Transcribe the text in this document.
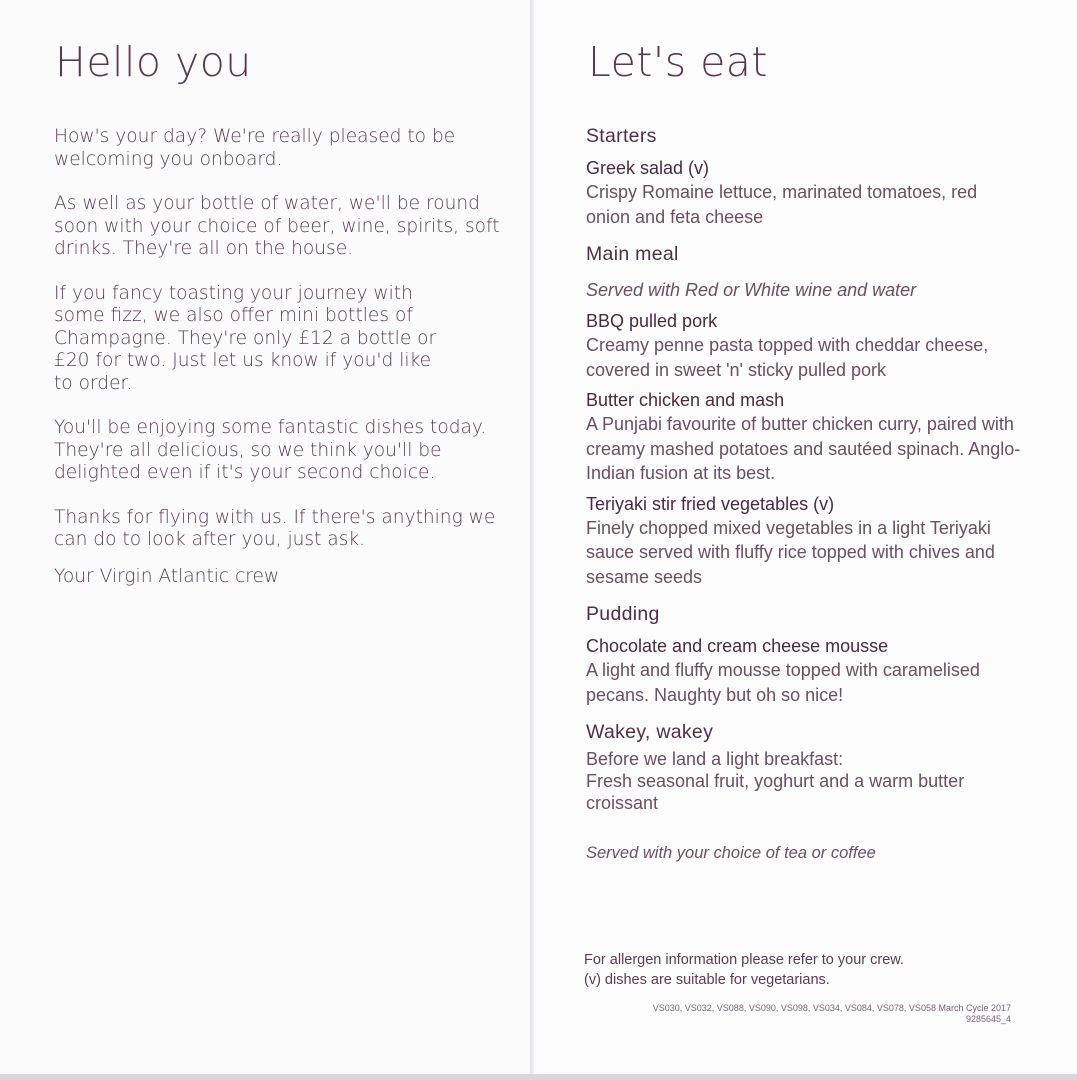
Hello you

How's your day? We're really pleased to be welcoming you onboard.

As well as your bottle of water, we'll be round soon with your choice of beer, wine, spirits, soft drinks. They're all on the house.

If you fancy toasting your journey with some fizz, we also offer mini bottles of Champagne. They're only £12 a bottle or £20 for two. Just let us know if you'd like to order.

You'll be enjoying some fantastic dishes today. They're all delicious, so we think you'll be delighted even if it's your second choice.

Thanks for flying with us. If there's anything we can do to look after you, just ask.

Your Virgin Atlantic crew

Let's eat
Starters
Greek salad (v)
Crispy Romaine lettuce, marinated tomatoes, red onion and feta cheese
Main meal
Served with Red or White wine and water
BBQ pulled pork
Creamy penne pasta topped with cheddar cheese, covered in sweet 'n' sticky pulled pork
Butter chicken and mash
A Punjabi favourite of butter chicken curry, paired with creamy mashed potatoes and sautéed spinach. Anglo-Indian fusion at its best.
Teriyaki stir fried vegetables (v)
Finely chopped mixed vegetables in a light Teriyaki sauce served with fluffy rice topped with chives and sesame seeds
Pudding
Chocolate and cream cheese mousse
A light and fluffy mousse topped with caramelised pecans. Naughty but oh so nice!
Wakey, wakey
Before we land a light breakfast:
Fresh seasonal fruit, yoghurt and a warm butter croissant
Served with your choice of tea or coffee
For allergen information please refer to your crew.
(v) dishes are suitable for vegetarians.
VS030, VS032, VS088, VS090, VS098, VS034, VS084, VS078, VS058 March Cycle 2017
9285645_4
